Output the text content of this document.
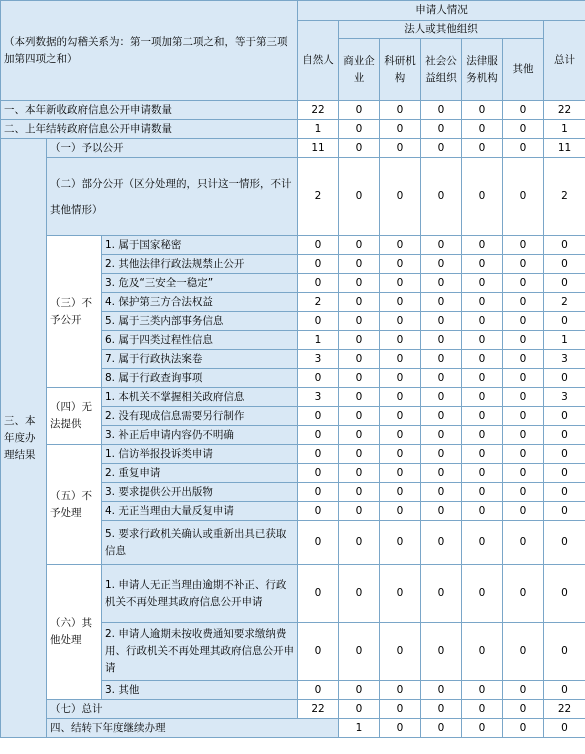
（本列数据的勾稽关系为：第一项加第二项之和，等于第三项加第四项之和）			申请人情况							
			自然人	法人或其他组织					总计	
				商业企业	科研机构	社会公益组织	法律服务机构	其他		
一、本年新收政府信息公开申请数量			22	0	0	0	0	0	22	
二、上年结转政府信息公开申请数量			1	0	0	0	0	0	1	
三、本年度办理结果	（一）予以公开		11	0	0	0	0	0	11	
	（二）部分公开（区分处理的，只计这一情形，不计其他情形）		2	0	0	0	0	0	2	
	（三）不予公开	1. 属于国家秘密	0	0	0	0	0	0	0	
		2. 其他法律行政法规禁止公开	0	0	0	0	0	0	0	
		3. 危及“三安全一稳定”	0	0	0	0	0	0	0	
		4. 保护第三方合法权益	2	0	0	0	0	0	2	
		5. 属于三类内部事务信息	0	0	0	0	0	0	0	
		6. 属于四类过程性信息	1	0	0	0	0	0	1	
		7. 属于行政执法案卷	3	0	0	0	0	0	3	
		8. 属于行政查询事项	0	0	0	0	0	0	0	
	（四）无法提供	1. 本机关不掌握相关政府信息	3	0	0	0	0	0	3	
		2. 没有现成信息需要另行制作	0	0	0	0	0	0	0	
		3. 补正后申请内容仍不明确	0	0	0	0	0	0	0	
	（五）不予处理	1. 信访举报投诉类申请	0	0	0	0	0	0	0	
		2. 重复申请	0	0	0	0	0	0	0	
		3. 要求提供公开出版物	0	0	0	0	0	0	0	
		4. 无正当理由大量反复申请	0	0	0	0	0	0	0	
		5. 要求行政机关确认或重新出具已获取信息	0	0	0	0	0	0	0	
	（六）其他处理	1. 申请人无正当理由逾期不补正、行政机关不再处理其政府信息公开申请	0	0	0	0	0	0	0	
		2. 申请人逾期未按收费通知要求缴纳费用、行政机关不再处理其政府信息公开申请	0	0	0	0	0	0	0	
		3. 其他	0	0	0	0	0	0	0	
	（七）总计		22	0	0	0	0	0	22	
	四、结转下年度继续办理			1	0	0	0	0	0	
